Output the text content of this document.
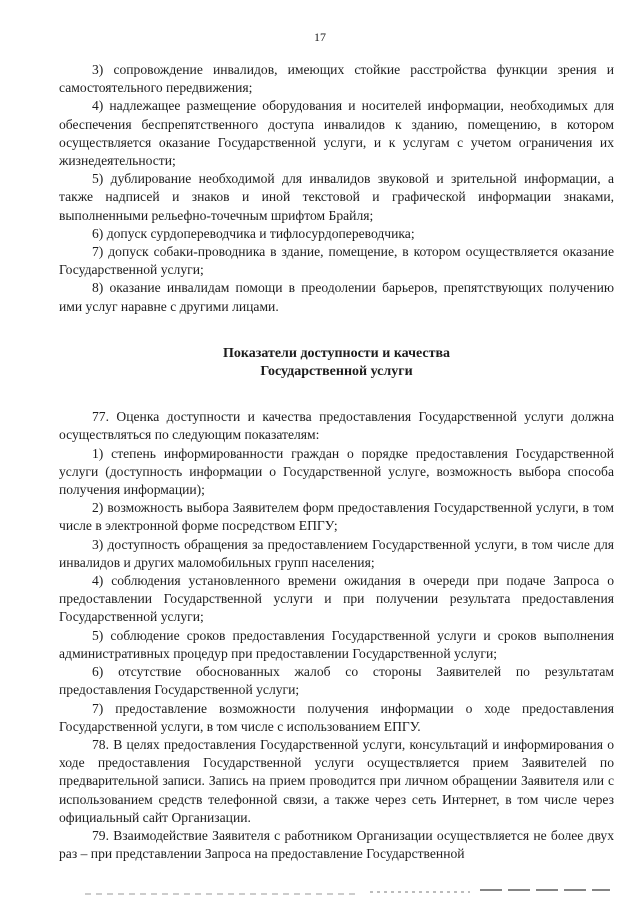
17

3) сопровождение инвалидов, имеющих стойкие расстройства функции зрения и самостоятельного передвижения;

4) надлежащее размещение оборудования и носителей информации, необходимых для обеспечения беспрепятственного доступа инвалидов к зданию, помещению, в котором осуществляется оказание Государственной услуги, и к услугам с учетом ограничения их жизнедеятельности;

5) дублирование необходимой для инвалидов звуковой и зрительной информации, а также надписей и знаков и иной текстовой и графической информации знаками, выполненными рельефно-точечным шрифтом Брайля;

6) допуск сурдопереводчика и тифлосурдопереводчика;

7) допуск собаки-проводника в здание, помещение, в котором осуществляется оказание Государственной услуги;

8) оказание инвалидам помощи в преодолении барьеров, препятствующих получению ими услуг наравне с другими лицами.

Показатели доступности и качества
Государственной услуги

77. Оценка доступности и качества предоставления Государственной услуги должна осуществляться по следующим показателям:

1) степень информированности граждан о порядке предоставления Государственной услуги (доступность информации о Государственной услуге, возможность выбора способа получения информации);

2) возможность выбора Заявителем форм предоставления Государственной услуги, в том числе в электронной форме посредством ЕПГУ;

3) доступность обращения за предоставлением Государственной услуги, в том числе для инвалидов и других маломобильных групп населения;

4) соблюдения установленного времени ожидания в очереди при подаче Запроса о предоставлении Государственной услуги и при получении результата предоставления Государственной услуги;

5) соблюдение сроков предоставления Государственной услуги и сроков выполнения административных процедур при предоставлении Государственной услуги;

6) отсутствие обоснованных жалоб со стороны Заявителей по результатам предоставления Государственной услуги;

7) предоставление возможности получения информации о ходе предоставления Государственной услуги, в том числе с использованием ЕПГУ.

78. В целях предоставления Государственной услуги, консультаций и информирования о ходе предоставления Государственной услуги осуществляется прием Заявителей по предварительной записи. Запись на прием проводится при личном обращении Заявителя или с использованием средств телефонной связи, а также через сеть Интернет, в том числе через официальный сайт Организации.

79. Взаимодействие Заявителя с работником Организации осуществляется не более двух раз – при представлении Запроса на предоставление Государственной
